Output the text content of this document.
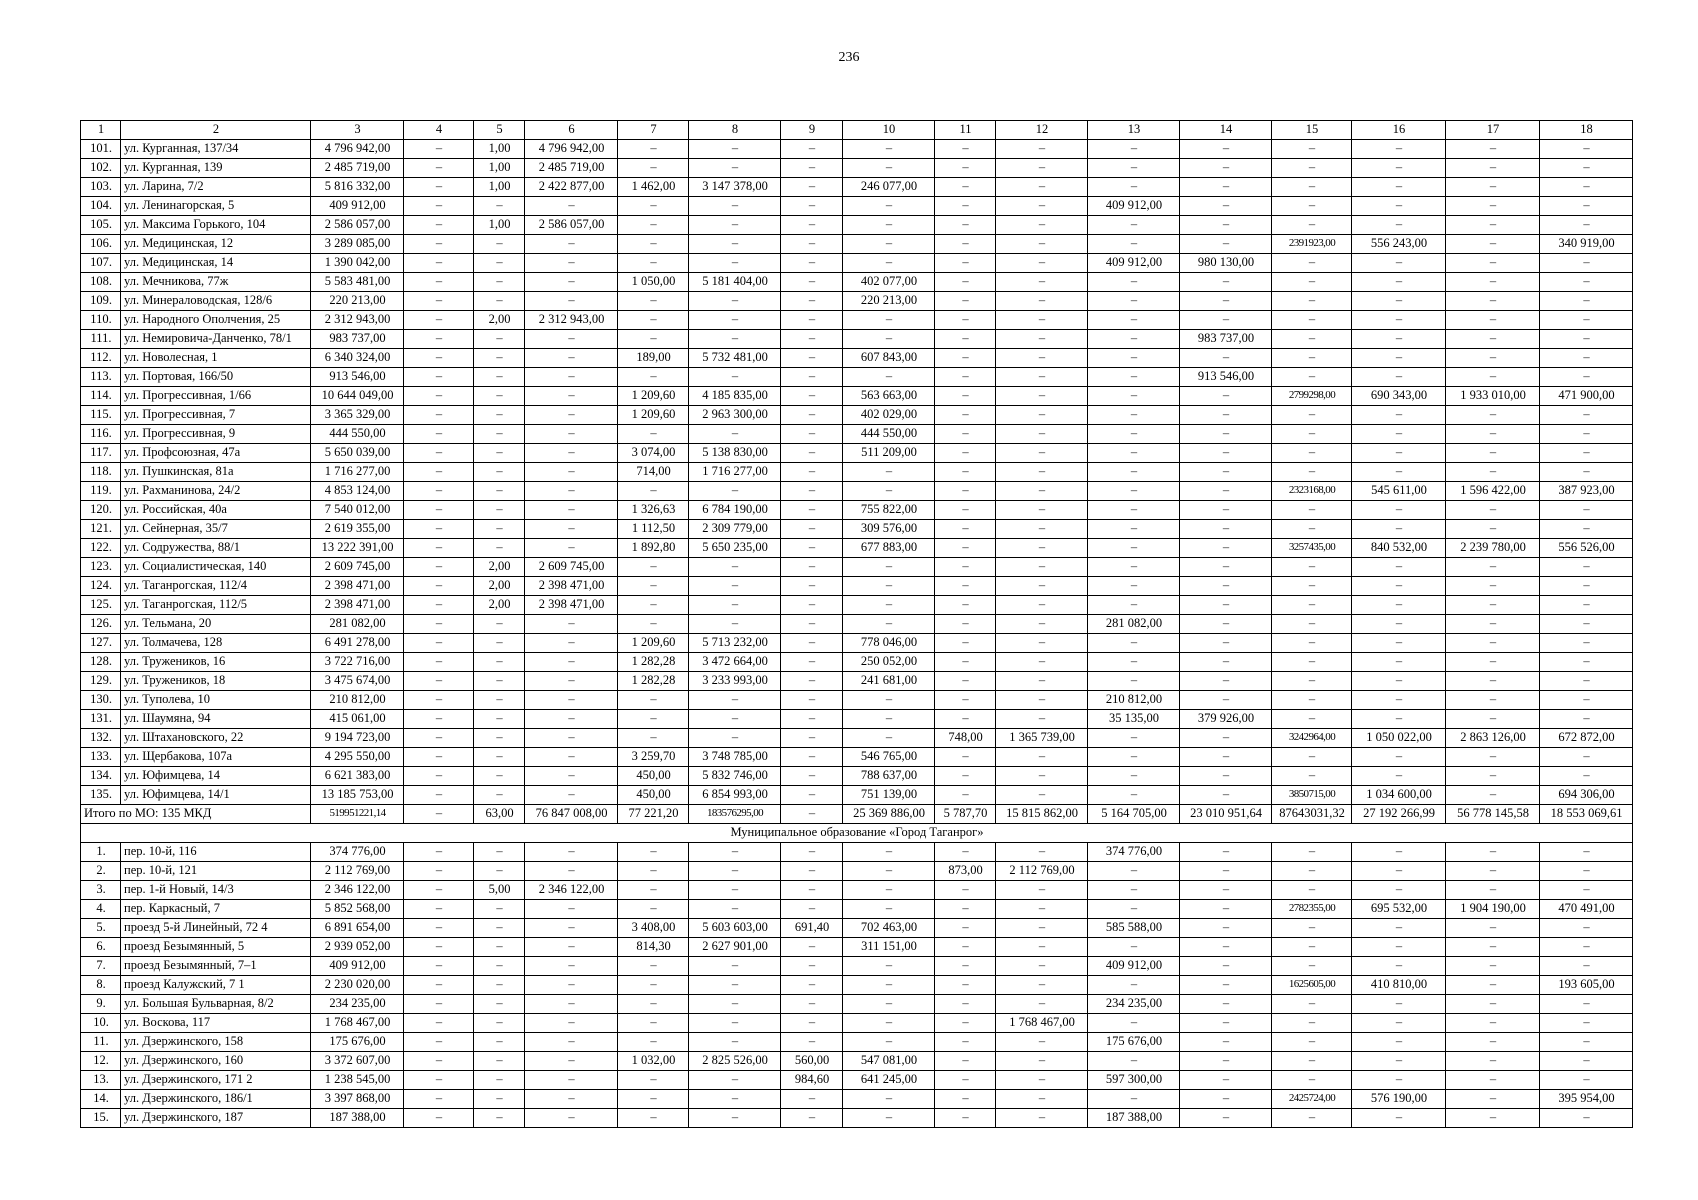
236
1	2	3	4	5	6	7	8	9	10	11	12	13	14	15	16	17	18
101.	ул. Курганная, 137/34	4 796 942,00	–	1,00	4 796 942,00	–	–	–	–	–	–	–	–	–	–	–	–
102.	ул. Курганная, 139	2 485 719,00	–	1,00	2 485 719,00	–	–	–	–	–	–	–	–	–	–	–	–
103.	ул. Ларина, 7/2	5 816 332,00	–	1,00	2 422 877,00	1 462,00	3 147 378,00	–	246 077,00	–	–	–	–	–	–	–	–
104.	ул. Ленинагорская, 5	409 912,00	–	–	–	–	–	–	–	–	–	409 912,00	–	–	–	–	–
105.	ул. Максима Горького, 104	2 586 057,00	–	1,00	2 586 057,00	–	–	–	–	–	–	–	–	–	–	–	–
106.	ул. Медицинская, 12	3 289 085,00	–	–	–	–	–	–	–	–	–	–	–	2391923,00	556 243,00	–	340 919,00
107.	ул. Медицинская, 14	1 390 042,00	–	–	–	–	–	–	–	–	–	409 912,00	980 130,00	–	–	–	–
108.	ул. Мечникова, 77ж	5 583 481,00	–	–	–	1 050,00	5 181 404,00	–	402 077,00	–	–	–	–	–	–	–	–
109.	ул. Минераловодская, 128/6	220 213,00	–	–	–	–	–	–	220 213,00	–	–	–	–	–	–	–	–
110.	ул. Народного Ополчения, 25	2 312 943,00	–	2,00	2 312 943,00	–	–	–	–	–	–	–	–	–	–	–	–
111.	ул. Немировича-Данченко, 78/1	983 737,00	–	–	–	–	–	–	–	–	–	–	983 737,00	–	–	–	–
112.	ул. Новолесная, 1	6 340 324,00	–	–	–	189,00	5 732 481,00	–	607 843,00	–	–	–	–	–	–	–	–
113.	ул. Портовая, 166/50	913 546,00	–	–	–	–	–	–	–	–	–	–	913 546,00	–	–	–	–
114.	ул. Прогрессивная, 1/66	10 644 049,00	–	–	–	1 209,60	4 185 835,00	–	563 663,00	–	–	–	–	2799298,00	690 343,00	1 933 010,00	471 900,00
115.	ул. Прогрессивная, 7	3 365 329,00	–	–	–	1 209,60	2 963 300,00	–	402 029,00	–	–	–	–	–	–	–	–
116.	ул. Прогрессивная, 9	444 550,00	–	–	–	–	–	–	444 550,00	–	–	–	–	–	–	–	–
117.	ул. Профсоюзная, 47а	5 650 039,00	–	–	–	3 074,00	5 138 830,00	–	511 209,00	–	–	–	–	–	–	–	–
118.	ул. Пушкинская, 81а	1 716 277,00	–	–	–	714,00	1 716 277,00	–	–	–	–	–	–	–	–	–	–
119.	ул. Рахманинова, 24/2	4 853 124,00	–	–	–	–	–	–	–	–	–	–	–	2323168,00	545 611,00	1 596 422,00	387 923,00
120.	ул. Российская, 40а	7 540 012,00	–	–	–	1 326,63	6 784 190,00	–	755 822,00	–	–	–	–	–	–	–	–
121.	ул. Сейнерная, 35/7	2 619 355,00	–	–	–	1 112,50	2 309 779,00	–	309 576,00	–	–	–	–	–	–	–	–
122.	ул. Содружества, 88/1	13 222 391,00	–	–	–	1 892,80	5 650 235,00	–	677 883,00	–	–	–	–	3257435,00	840 532,00	2 239 780,00	556 526,00
123.	ул. Социалистическая, 140	2 609 745,00	–	2,00	2 609 745,00	–	–	–	–	–	–	–	–	–	–	–	–
124.	ул. Таганрогская, 112/4	2 398 471,00	–	2,00	2 398 471,00	–	–	–	–	–	–	–	–	–	–	–	–
125.	ул. Таганрогская, 112/5	2 398 471,00	–	2,00	2 398 471,00	–	–	–	–	–	–	–	–	–	–	–	–
126.	ул. Тельмана, 20	281 082,00	–	–	–	–	–	–	–	–	–	281 082,00	–	–	–	–	–
127.	ул. Толмачева, 128	6 491 278,00	–	–	–	1 209,60	5 713 232,00	–	778 046,00	–	–	–	–	–	–	–	–
128.	ул. Тружеников, 16	3 722 716,00	–	–	–	1 282,28	3 472 664,00	–	250 052,00	–	–	–	–	–	–	–	–
129.	ул. Тружеников, 18	3 475 674,00	–	–	–	1 282,28	3 233 993,00	–	241 681,00	–	–	–	–	–	–	–	–
130.	ул. Туполева, 10	210 812,00	–	–	–	–	–	–	–	–	–	210 812,00	–	–	–	–	–
131.	ул. Шаумяна, 94	415 061,00	–	–	–	–	–	–	–	–	–	35 135,00	379 926,00	–	–	–	–
132.	ул. Штахановского, 22	9 194 723,00	–	–	–	–	–	–	–	748,00	1 365 739,00	–	–	3242964,00	1 050 022,00	2 863 126,00	672 872,00
133.	ул. Щербакова, 107а	4 295 550,00	–	–	–	3 259,70	3 748 785,00	–	546 765,00	–	–	–	–	–	–	–	–
134.	ул. Юфимцева, 14	6 621 383,00	–	–	–	450,00	5 832 746,00	–	788 637,00	–	–	–	–	–	–	–	–
135.	ул. Юфимцева, 14/1	13 185 753,00	–	–	–	450,00	6 854 993,00	–	751 139,00	–	–	–	–	3850715,00	1 034 600,00	–	694 306,00
Итого по МО: 135 МКД		519951221,14	–	63,00	76 847 008,00	77 221,20	183576295,00	–	25 369 886,00	5 787,70	15 815 862,00	5 164 705,00	23 010 951,64	87643031,32	27 192 266,99	56 778 145,58	18 553 069,61
Муниципальное образование «Город Таганрог»																	
1.	пер. 10-й, 116	374 776,00	–	–	–	–	–	–	–	–	–	374 776,00	–	–	–	–	–
2.	пер. 10-й, 121	2 112 769,00	–	–	–	–	–	–	–	873,00	2 112 769,00	–	–	–	–	–	–
3.	пер. 1-й Новый, 14/3	2 346 122,00	–	5,00	2 346 122,00	–	–	–	–	–	–	–	–	–	–	–	–
4.	пер. Каркасный, 7	5 852 568,00	–	–	–	–	–	–	–	–	–	–	–	2782355,00	695 532,00	1 904 190,00	470 491,00
5.	проезд 5-й Линейный, 72 4	6 891 654,00	–	–	–	3 408,00	5 603 603,00	691,40	702 463,00	–	–	585 588,00	–	–	–	–	–
6.	проезд Безымянный, 5	2 939 052,00	–	–	–	814,30	2 627 901,00	–	311 151,00	–	–	–	–	–	–	–	–
7.	проезд Безымянный, 7–1	409 912,00	–	–	–	–	–	–	–	–	–	409 912,00	–	–	–	–	–
8.	проезд Калужский, 7 1	2 230 020,00	–	–	–	–	–	–	–	–	–	–	–	1625605,00	410 810,00	–	193 605,00
9.	ул. Большая Бульварная, 8/2	234 235,00	–	–	–	–	–	–	–	–	–	234 235,00	–	–	–	–	–
10.	ул. Воскова, 117	1 768 467,00	–	–	–	–	–	–	–	–	1 768 467,00	–	–	–	–	–	–
11.	ул. Дзержинского, 158	175 676,00	–	–	–	–	–	–	–	–	–	175 676,00	–	–	–	–	–
12.	ул. Дзержинского, 160	3 372 607,00	–	–	–	1 032,00	2 825 526,00	560,00	547 081,00	–	–	–	–	–	–	–	–
13.	ул. Дзержинского, 171 2	1 238 545,00	–	–	–	–	–	984,60	641 245,00	–	–	597 300,00	–	–	–	–	–
14.	ул. Дзержинского, 186/1	3 397 868,00	–	–	–	–	–	–	–	–	–	–	–	2425724,00	576 190,00	–	395 954,00
15.	ул. Дзержинского, 187	187 388,00	–	–	–	–	–	–	–	–	–	187 388,00	–	–	–	–	–
